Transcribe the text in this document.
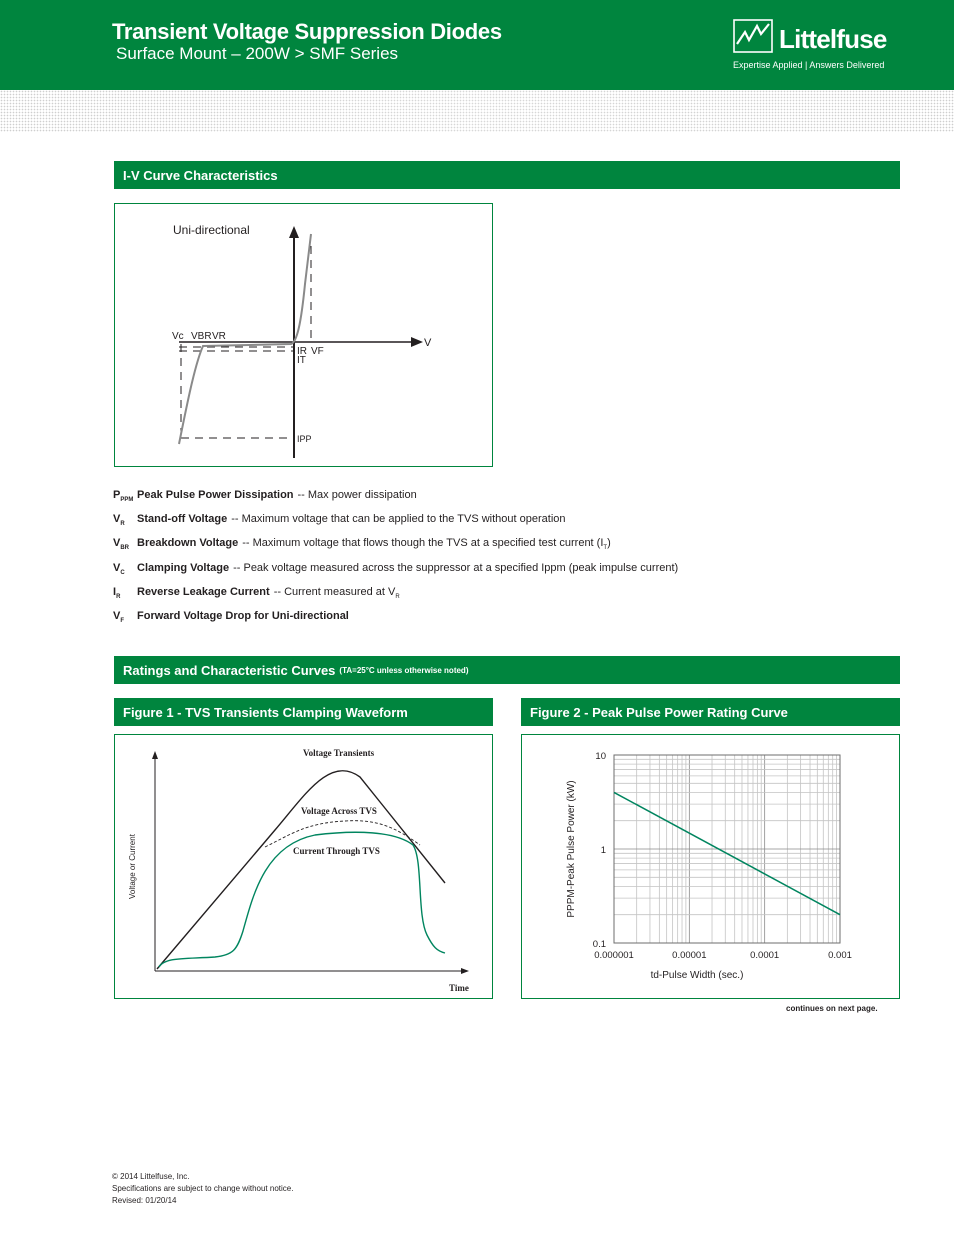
Transient Voltage Suppression Diodes
Surface Mount – 200W > SMF Series	Littelfuse
Expertise Applied | Answers Delivered
I-V Curve Characteristics
Uni-directional
Vc VBR VR
V
IR VF
IT
IPP
$P_{PPM}$ Peak Pulse Power Dissipation -- Max power dissipation
$V_R$	Stand-off Voltage -- Maximum voltage that can be applied to the TVS without operation
$V_{BR}$ Breakdown Voltage -- Maximum voltage that flows though the TVS at a specified test current $(I_T)$
$V_C$	Clamping Voltage -- Peak voltage measured across the suppressor at a specified Ippm (peak impulse current)
$I_R$	Reverse Leakage Current -- Current measured at $V_R$
$V_F$	Forward Voltage Drop for Uni-directional
Ratings and Characteristic Curves (TA=25°C unless otherwise noted)
Figure 1 - TVS Transients Clamping Waveform
Voltage Transients
Voltage Across TVS
Current Through TVS
Time
Voltage or Current
Figure 2 - Peak Pulse Power Rating Curve
0.000001	0.00001	0.0001	0.001
10
1
0.1
td-Pulse Width (sec.)
PPPM-Peak Pulse Power (kW)
continues on next page.
© 2014 Littelfuse, Inc.
Specifications are subject to change without notice.
Revised: 01/20/14
